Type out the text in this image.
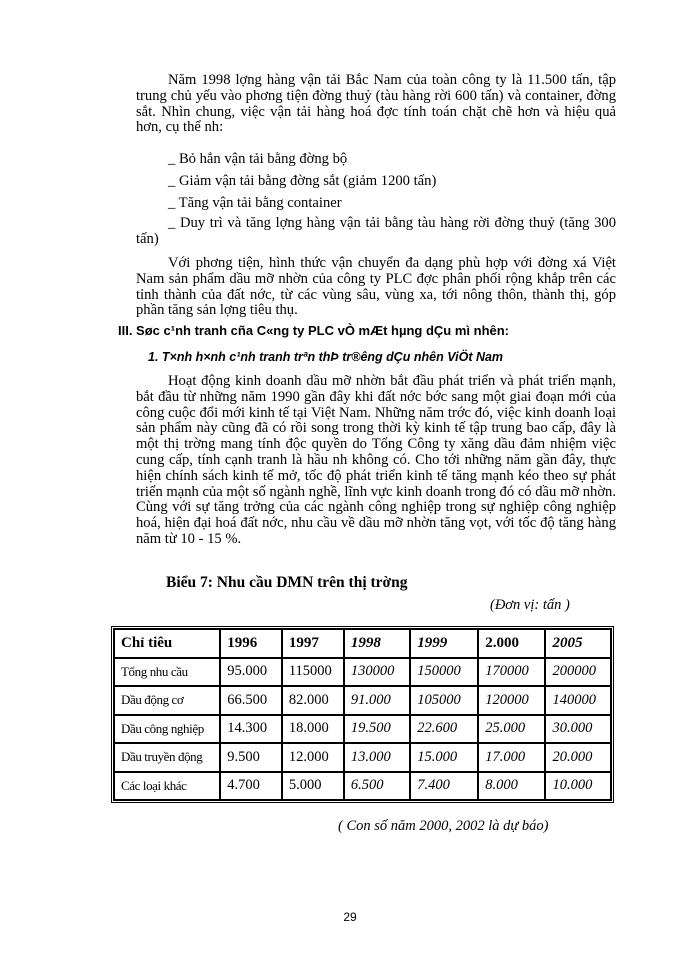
Năm 1998 lợng hàng vận tải Bắc Nam của toàn công ty là 11.500 tấn, tập trung chủ yếu vào phơng tiện đờng thuỷ (tàu hàng rời 600 tấn) và container, đờng sắt. Nhìn chung, việc vận tải hàng hoá đợc tính toán chặt chẽ hơn và hiệu quả hơn, cụ thể nh:

_ Bỏ hẳn vận tải bằng đờng bộ

_ Giảm vận tải bằng đờng sắt (giảm 1200 tấn)

_ Tăng vận tải bằng container

_ Duy trì và tăng lợng hàng vận tải bằng tàu hàng rời đờng thuỷ (tăng 300 tấn)

Với phơng tiện, hình thức vận chuyển đa dạng phù hợp với đờng xá Việt Nam sản phẩm dầu mỡ nhờn của công ty PLC đợc phân phối rộng khắp trên các tỉnh thành của đất nớc, từ các vùng sâu, vùng xa, tới nông thôn, thành thị, góp phần tăng sản lợng tiêu thụ.

III. Søc c¹nh tranh cña C«ng ty PLC vÒ mÆt hµng dÇu mì nhên:

1. T×nh h×nh c¹nh tranh trªn thÞ tr®êng dÇu nhên ViÖt Nam

Hoạt động kinh doanh dầu mỡ nhờn bắt đầu phát triển và phát triển mạnh, bắt đầu từ những năm 1990 gần đây khi đất nớc bớc sang một giai đoạn mới của công cuộc đổi mới kinh tế tại Việt Nam. Những năm trớc đó, việc kinh doanh loại sản phẩm này cũng đã có rồi song trong thời kỳ kinh tế tập trung bao cấp, đây là một thị trờng mang tính độc quyền do Tổng Công ty xăng dầu đảm nhiệm việc cung cấp, tính cạnh tranh là hầu nh không có. Cho tới những năm gần đây, thực hiện chính sách kinh tế mở, tốc độ phát triển kinh tế tăng mạnh kéo theo sự phát triển mạnh của một số ngành nghề, lĩnh vực kinh doanh trong đó có dầu mỡ nhờn. Cùng với sự tăng trởng của các ngành công nghiệp trong sự nghiệp công nghiệp hoá, hiện đại hoá đất nớc, nhu cầu về dầu mỡ nhờn tăng vọt, với tốc độ tăng hàng năm từ 10 - 15 %.

Biểu 7: Nhu cầu DMN trên thị trờng

(Đơn vị: tấn )

Chỉ tiêu	1996	1997	1998	1999	2.000	2005
Tổng nhu cầu	95.000	115000	130000	150000	170000	200000
Dầu động cơ	66.500	82.000	91.000	105000	120000	140000
Dầu công nghiệp	14.300	18.000	19.500	22.600	25.000	30.000
Dầu truyền động	9.500	12.000	13.000	15.000	17.000	20.000
Các loại khác	4.700	5.000	6.500	7.400	8.000	10.000

( Con số năm 2000, 2002 là dự báo)

29
